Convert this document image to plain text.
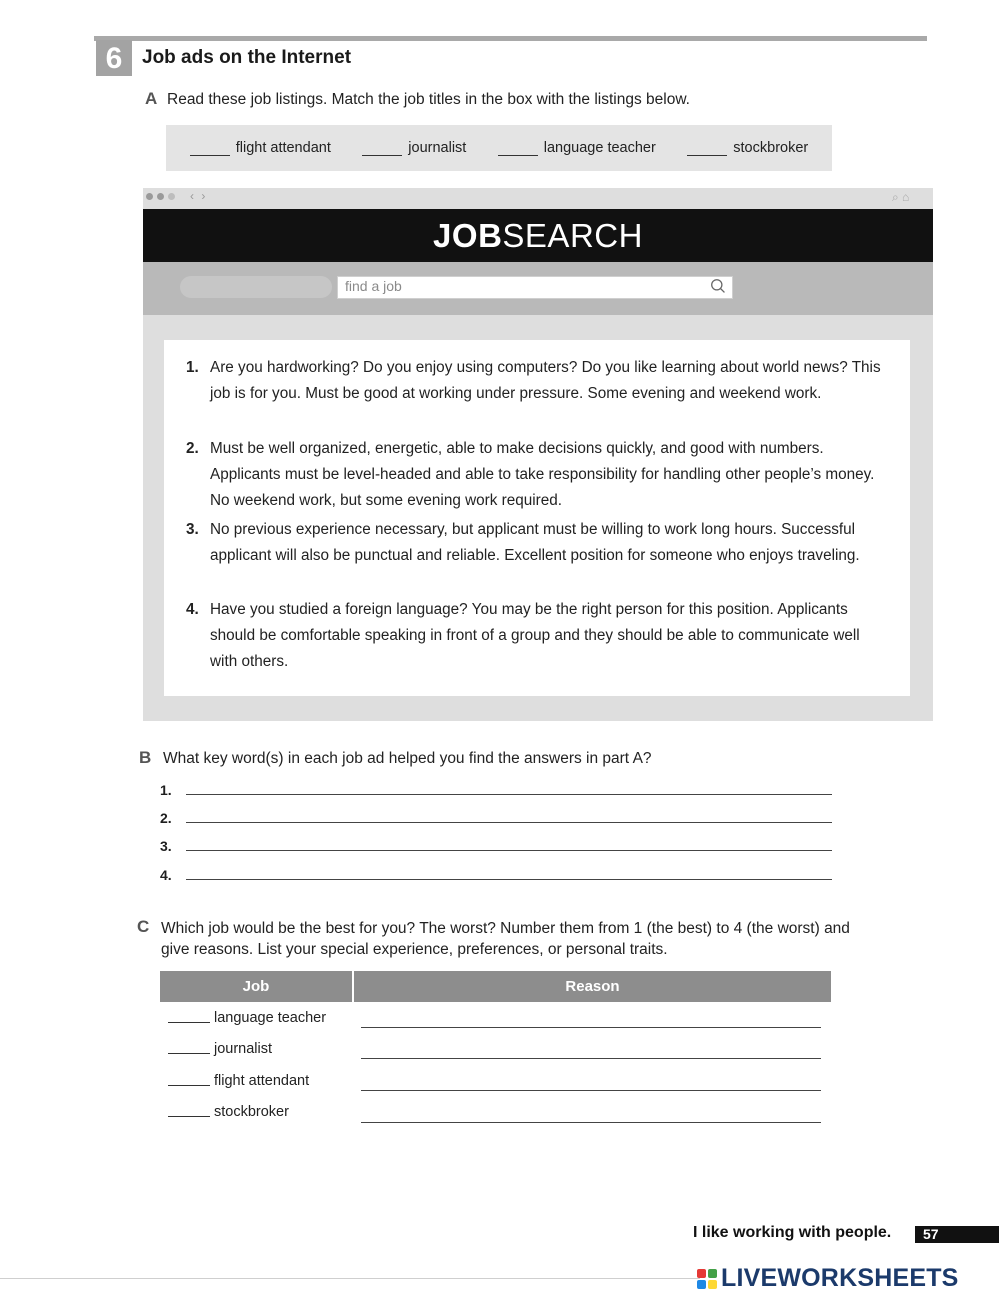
6	Job ads on the Internet
A Read these job listings. Match the job titles in the box with the listings below.
flight attendant	journalist	language teacher	stockbroker
‹ ›	⌕ ⌂
JOBSEARCH
find a job
1. Are you hardworking? Do you enjoy using computers? Do you like learning about world news? This job is for you. Must be good at working under pressure. Some evening and weekend work.
2. Must be well organized, energetic, able to make decisions quickly, and good with numbers. Applicants must be level-headed and able to take responsibility for handling other people’s money. No weekend work, but some evening work required.
3. No previous experience necessary, but applicant must be willing to work long hours. Successful applicant will also be punctual and reliable. Excellent position for someone who enjoys traveling.
4. Have you studied a foreign language? You may be the right person for this position. Applicants should be comfortable speaking in front of a group and they should be able to communicate well with others.
B What key word(s) in each job ad helped you find the answers in part A?
1.
2.
3.
4.
C Which job would be the best for you? The worst? Number them from 1 (the best) to 4 (the worst) and
give reasons. List your special experience, preferences, or personal traits.
Job	Reason
language teacher
journalist
flight attendant
stockbroker
I like working with people.	57
LIVEWORKSHEETS
